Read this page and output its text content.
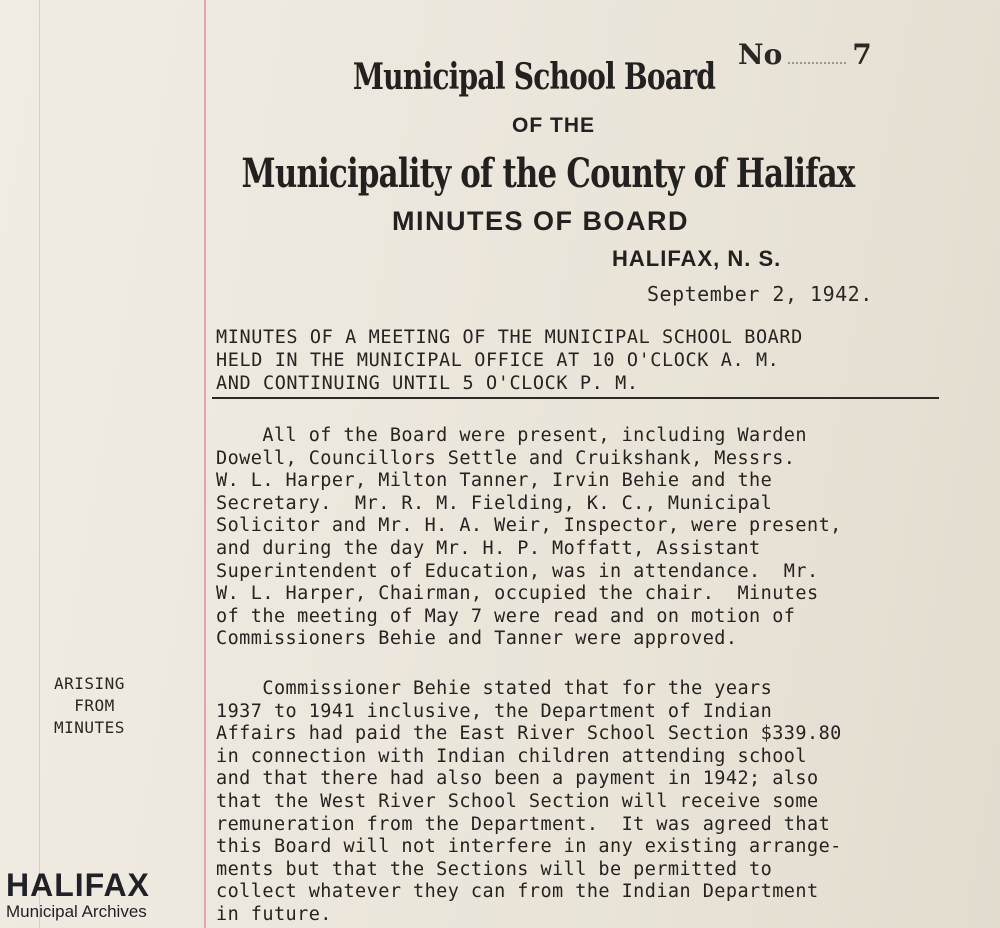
No	7
Municipal School Board
OF THE
Municipality of the County of Halifax
MINUTES OF BOARD
HALIFAX, N. S.
September 2, 1942.
MINUTES OF A MEETING OF THE MUNICIPAL SCHOOL BOARD
HELD IN THE MUNICIPAL OFFICE AT 10 O'CLOCK A. M.
AND CONTINUING UNTIL 5 O'CLOCK P. M.
All of the Board were present, including Warden
Dowell, Councillors Settle and Cruikshank, Messrs.
W. L. Harper, Milton Tanner, Irvin Behie and the
Secretary.  Mr. R. M. Fielding, K. C., Municipal
Solicitor and Mr. H. A. Weir, Inspector, were present,
and during the day Mr. H. P. Moffatt, Assistant
Superintendent of Education, was in attendance.  Mr.
W. L. Harper, Chairman, occupied the chair.  Minutes
of the meeting of May 7 were read and on motion of
Commissioners Behie and Tanner were approved.
ARISING
FROM
MINUTES
Commissioner Behie stated that for the years
1937 to 1941 inclusive, the Department of Indian
Affairs had paid the East River School Section $339.80
in connection with Indian children attending school
and that there had also been a payment in 1942; also
that the West River School Section will receive some
remuneration from the Department.  It was agreed that
this Board will not interfere in any existing arrange-
ments but that the Sections will be permitted to
collect whatever they can from the Indian Department
in future.
HALIFAX
Municipal Archives
